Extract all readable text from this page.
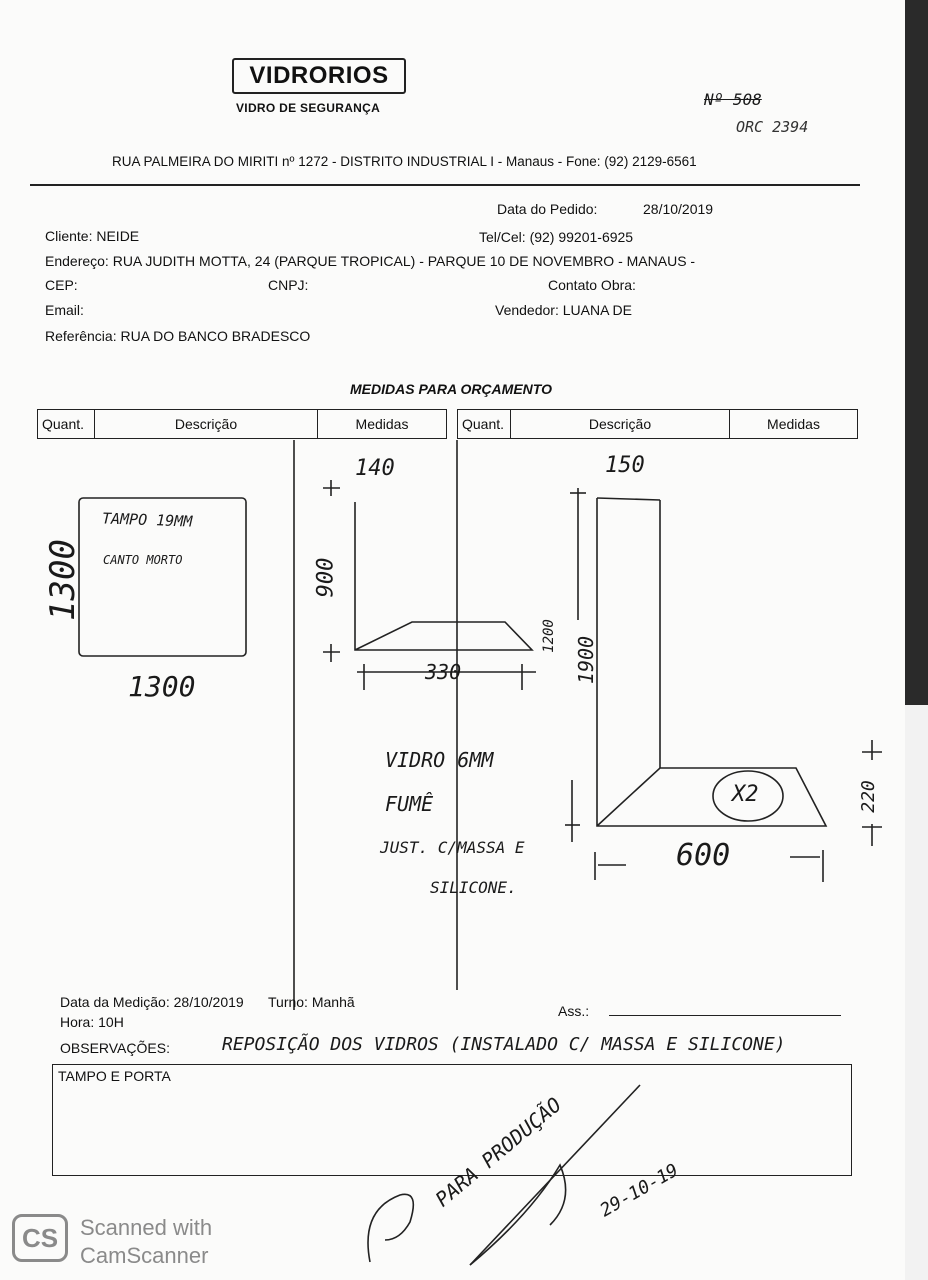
VIDRORIOS
VIDRO DE SEGURANÇA	Nº 508
ORC 2394
RUA PALMEIRA DO MIRITI nº 1272 - DISTRITO INDUSTRIAL I - Manaus - Fone: (92) 2129-6561
Data do Pedido:	28/10/2019
Cliente: NEIDE	Tel/Cel: (92) 99201-6925
Endereço: RUA JUDITH MOTTA, 24 (PARQUE TROPICAL) - PARQUE 10 DE NOVEMBRO - MANAUS -
CEP:	CNPJ:	Contato Obra:
Email:	Vendedor: LUANA DE
Referência: RUA DO BANCO BRADESCO
MEDIDAS PARA ORÇAMENTO
Quant.	Descrição	Medidas	Quant.	Descrição	Medidas
TAMPO 19MM
CANTO MORTO
1300
1300
140
900
330
150
1200 1900
600
220
X2
VIDRO 6MM
FUMÊ
JUST. C/MASSA E
SILICONE.
Data da Medição: 28/10/2019 Turno: Manhã
Hora: 10H
Ass.:
OBSERVAÇÕES:	REPOSIÇÃO DOS VIDROS (INSTALADO C/ MASSA E SILICONE)
TAMPO E PORTA
PARA PRODUÇÃO 29-10-19
CS Scanned with
CamScanner
